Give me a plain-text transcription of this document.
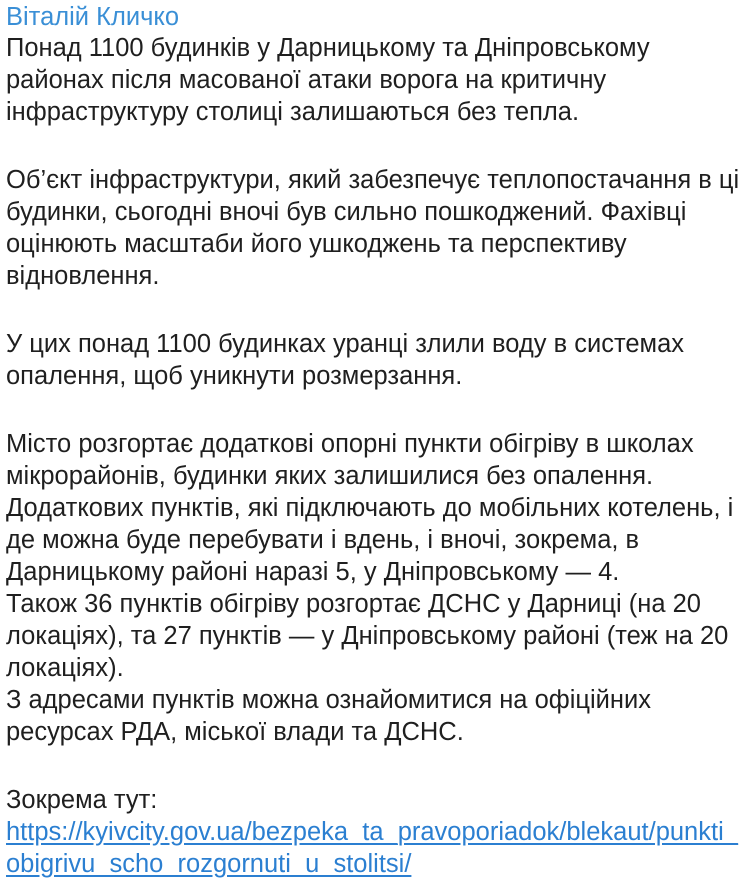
Віталій Кличко

Понад 1100 будинків у Дарницькому та Дніпровському
районах після масованої атаки ворога на критичну
інфраструктуру столиці залишаються без тепла.

Об’єкт інфраструктури, який забезпечує теплопостачання в ці
будинки, сьогодні вночі був сильно пошкоджений. Фахівці
оцінюють масштаби його ушкоджень та перспективу
відновлення.

У цих понад 1100 будинках уранці злили воду в системах
опалення, щоб уникнути розмерзання.

Місто розгортає додаткові опорні пункти обігріву в школах
мікрорайонів, будинки яких залишилися без опалення.
Додаткових пунктів, які підключають до мобільних котелень, і
де можна буде перебувати і вдень, і вночі, зокрема, в
Дарницькому районі наразі 5, у Дніпровському — 4.
Також 36 пунктів обігріву розгортає ДСНС у Дарниці (на 20
локаціях), та 27 пунктів — у Дніпровському районі (теж на 20
локаціях).
З адресами пунктів можна ознайомитися на офіційних
ресурсах РДА, міської влади та ДСНС.

Зокрема тут:
https://kyivcity.gov.ua/bezpeka_ta_pravoporiadok/blekaut/punkti_
obigrivu_scho_rozgornuti_u_stolitsi/
